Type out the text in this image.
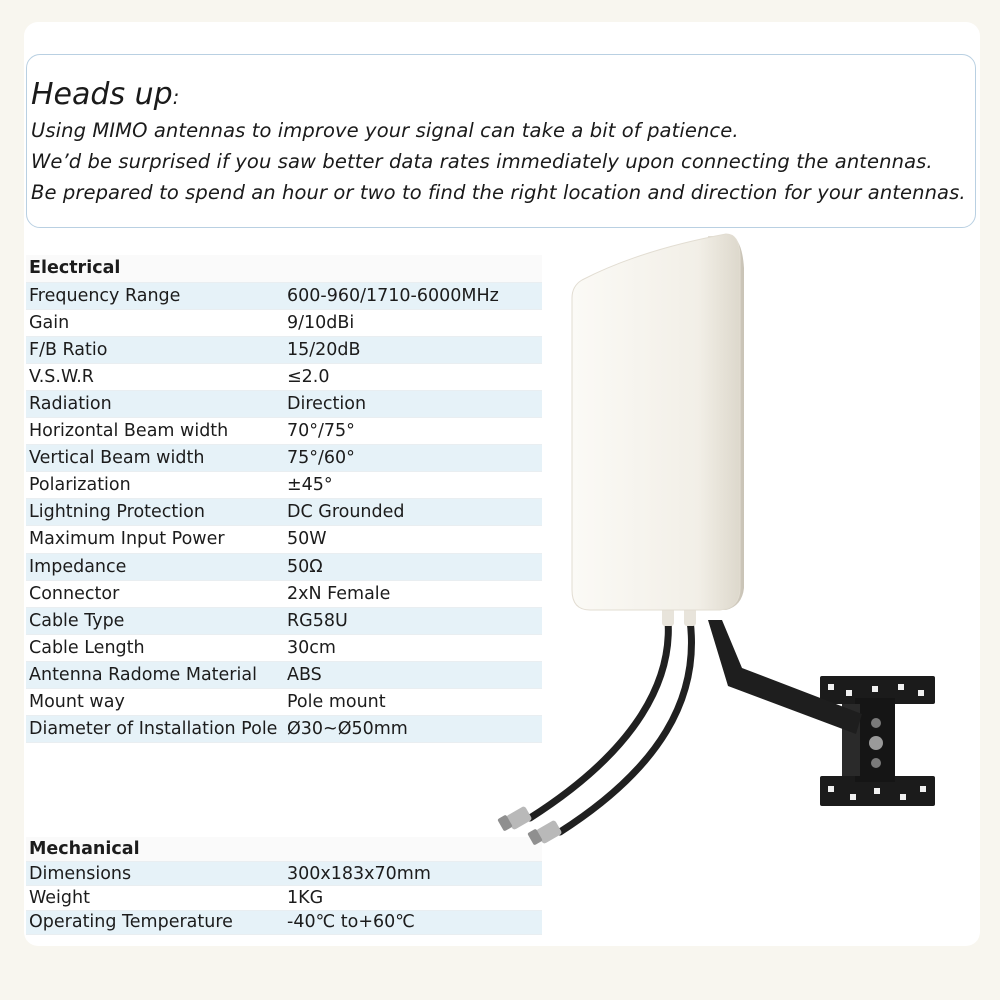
Heads up:
Using MIMO antennas to improve your signal can take a bit of patience.
We’d be surprised if you saw better data rates immediately upon connecting the antennas.
Be prepared to spend an hour or two to find the right location and direction for your antennas.
Electrical	
Frequency Range	600-960/1710-6000MHz
Gain	9/10dBi
F/B Ratio	15/20dB
V.S.W.R	≤2.0
Radiation	Direction
Horizontal Beam width	70°/75°
Vertical Beam width	75°/60°
Polarization	±45°
Lightning Protection	DC Grounded
Maximum Input Power	50W
Impedance	50Ω
Connector	2xN Female
Cable Type	RG58U
Cable Length	30cm
Antenna Radome Material	ABS
Mount way	Pole mount
Diameter of Installation Pole	Ø30~Ø50mm
Mechanical	
Dimensions	300x183x70mm
Weight	1KG
Operating Temperature	-40℃ to+60℃
